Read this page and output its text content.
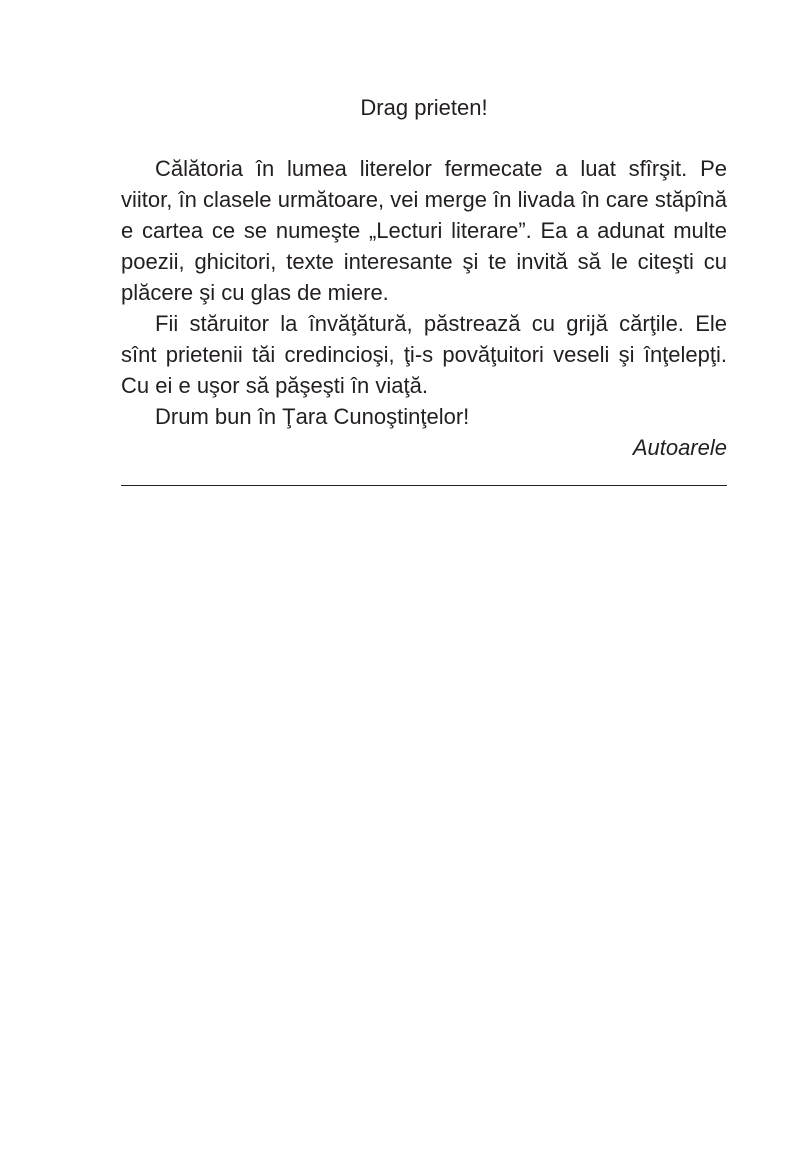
Drag prieten!

Călătoria în lumea literelor fermecate a luat sfîrşit. Pe viitor, în clasele următoare, vei merge în livada în care stăpînă e cartea ce se numeşte „Lecturi literare”. Ea a adunat multe poezii, ghicitori, texte interesante şi te invită să le citeşti cu plăcere şi cu glas de miere.

Fii stăruitor la învăţătură, păstrează cu grijă cărţile. Ele sînt prietenii tăi credincioşi, ţi-s povăţuitori veseli şi înţelepţi. Cu ei e uşor să păşeşti în viaţă.

Drum bun în Ţara Cunoştinţelor!

Autoarele
